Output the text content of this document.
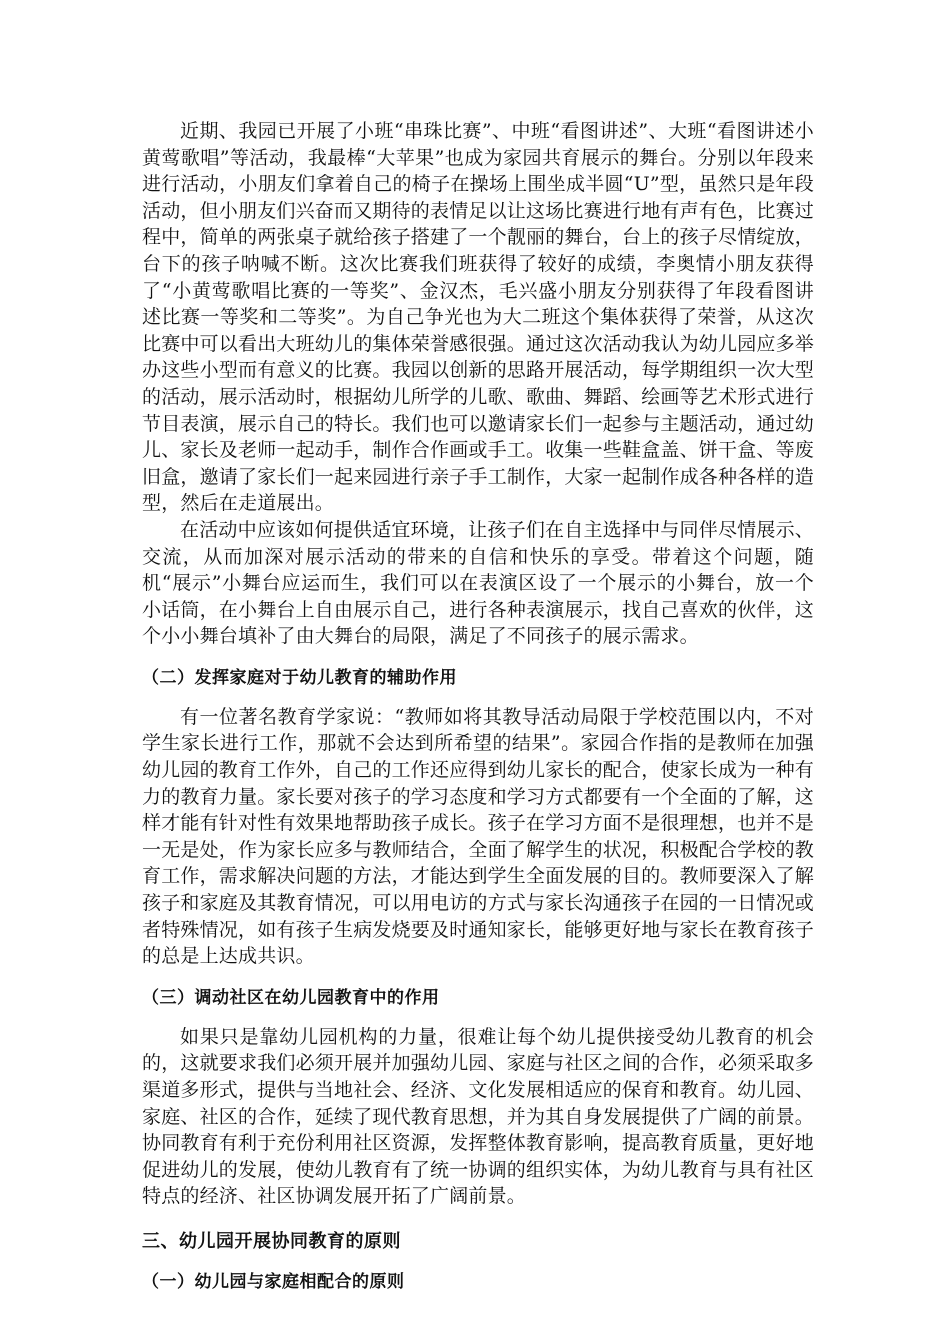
近期、我园已开展了小班“串珠比赛”、中班“看图讲述”、大班“看图讲述小黄莺歌唱”等活动，我最棒“大苹果”也成为家园共育展示的舞台。分别以年段来进行活动，小朋友们拿着自己的椅子在操场上围坐成半圆“U”型，虽然只是年段活动，但小朋友们兴奋而又期待的表情足以让这场比赛进行地有声有色，比赛过程中，简单的两张桌子就给孩子搭建了一个靓丽的舞台，台上的孩子尽情绽放，台下的孩子呐喊不断。这次比赛我们班获得了较好的成绩，李奥情小朋友获得了“小黄莺歌唱比赛的一等奖”、金汉杰，毛兴盛小朋友分别获得了年段看图讲述比赛一等奖和二等奖”。为自己争光也为大二班这个集体获得了荣誉，从这次比赛中可以看出大班幼儿的集体荣誉感很强。通过这次活动我认为幼儿园应多举办这些小型而有意义的比赛。我园以创新的思路开展活动，每学期组织一次大型的活动，展示活动时，根据幼儿所学的儿歌、歌曲、舞蹈、绘画等艺术形式进行节目表演，展示自己的特长。我们也可以邀请家长们一起参与主题活动，通过幼儿、家长及老师一起动手，制作合作画或手工。收集一些鞋盒盖、饼干盒、等废旧盒，邀请了家长们一起来园进行亲子手工制作，大家一起制作成各种各样的造型，然后在走道展出。

在活动中应该如何提供适宜环境，让孩子们在自主选择中与同伴尽情展示、交流，从而加深对展示活动的带来的自信和快乐的享受。带着这个问题，随机“展示”小舞台应运而生，我们可以在表演区设了一个展示的小舞台，放一个小话筒，在小舞台上自由展示自己，进行各种表演展示，找自己喜欢的伙伴，这个小小舞台填补了由大舞台的局限，满足了不同孩子的展示需求。

（二）发挥家庭对于幼儿教育的辅助作用

有一位著名教育学家说：“教师如将其教导活动局限于学校范围以内，不对学生家长进行工作，那就不会达到所希望的结果”。家园合作指的是教师在加强幼儿园的教育工作外，自己的工作还应得到幼儿家长的配合，使家长成为一种有力的教育力量。家长要对孩子的学习态度和学习方式都要有一个全面的了解，这样才能有针对性有效果地帮助孩子成长。孩子在学习方面不是很理想，也并不是一无是处，作为家长应多与教师结合，全面了解学生的状况，积极配合学校的教育工作，需求解决问题的方法，才能达到学生全面发展的目的。教师要深入了解孩子和家庭及其教育情况，可以用电访的方式与家长沟通孩子在园的一日情况或者特殊情况，如有孩子生病发烧要及时通知家长，能够更好地与家长在教育孩子的总是上达成共识。

（三）调动社区在幼儿园教育中的作用

如果只是靠幼儿园机构的力量，很难让每个幼儿提供接受幼儿教育的机会的，这就要求我们必须开展并加强幼儿园、家庭与社区之间的合作，必须采取多渠道多形式，提供与当地社会、经济、文化发展相适应的保育和教育。幼儿园、家庭、社区的合作，延续了现代教育思想，并为其自身发展提供了广阔的前景。 协同教育有利于充份利用社区资源，发挥整体教育影响，提高教育质量，更好地促进幼儿的发展，使幼儿教育有了统一协调的组织实体，为幼儿教育与具有社区特点的经济、社区协调发展开拓了广阔前景。

三、幼儿园开展协同教育的原则
（一）幼儿园与家庭相配合的原则
